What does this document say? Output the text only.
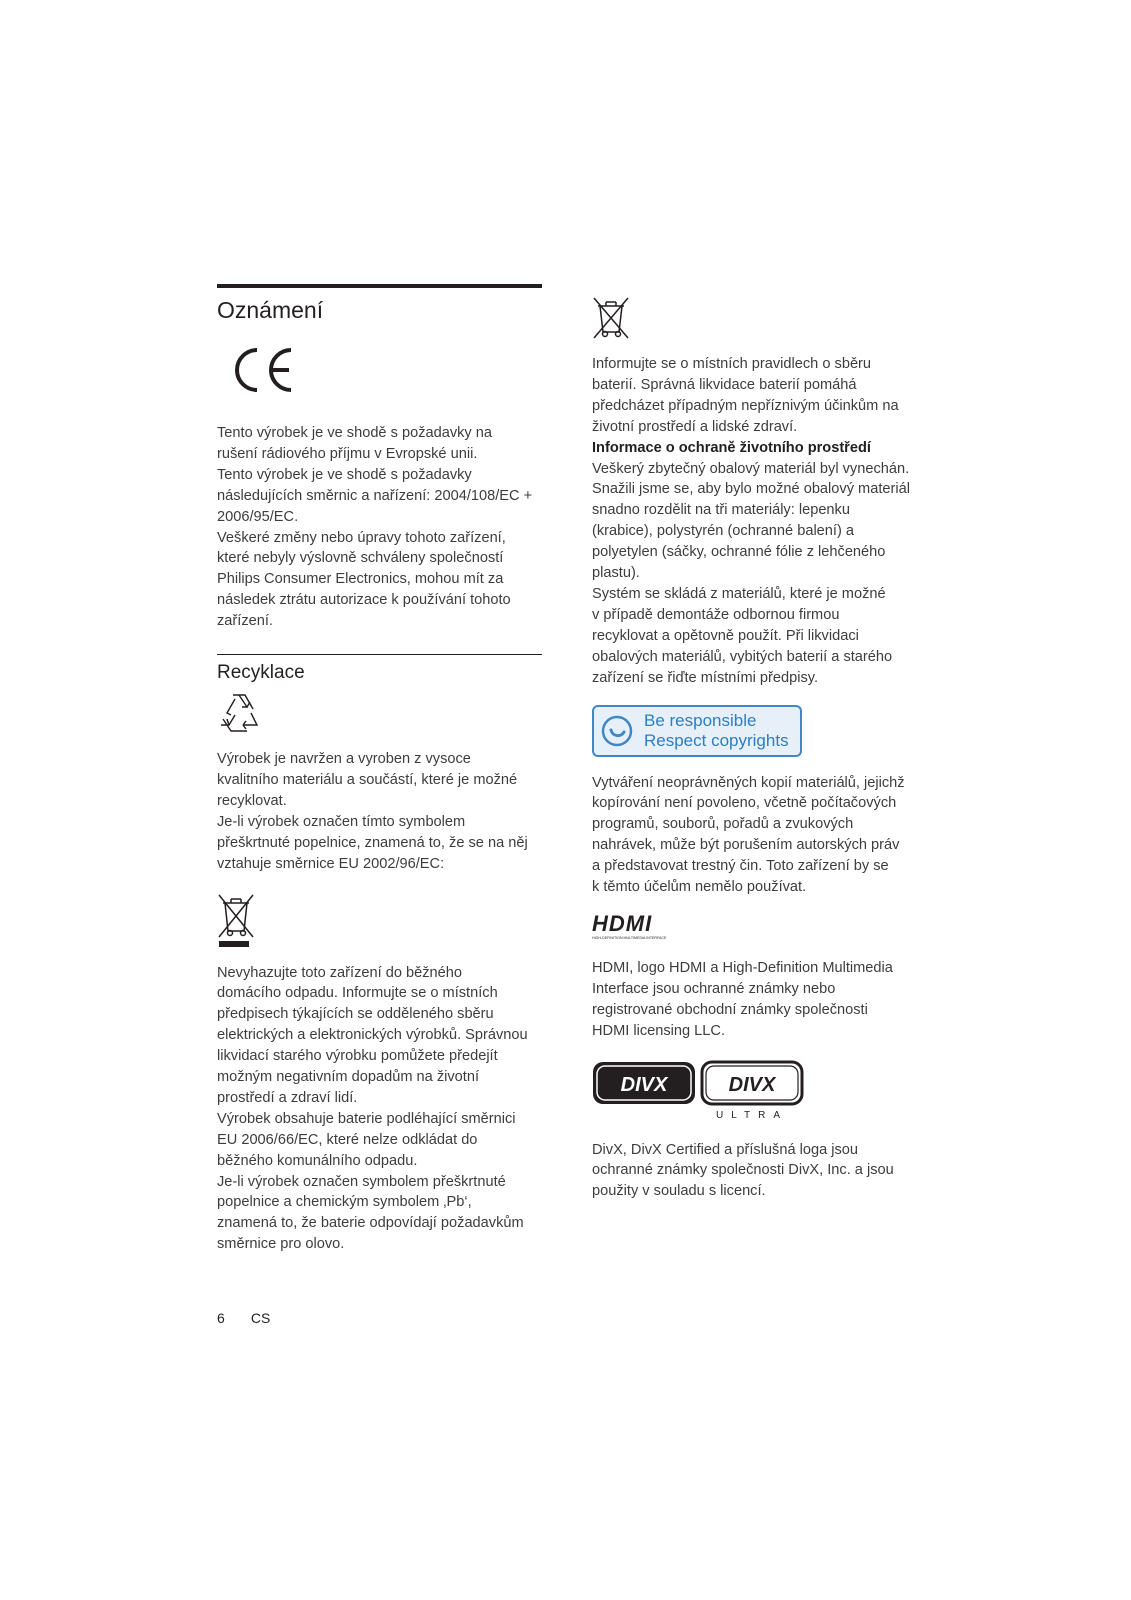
Oznámení

Tento výrobek je ve shodě s požadavky na
rušení rádiového příjmu v Evropské unii.
Tento výrobek je ve shodě s požadavky
následujících směrnic a nařízení: 2004/108/EC +
2006/95/EC.
Veškeré změny nebo úpravy tohoto zařízení,
které nebyly výslovně schváleny společností
Philips Consumer Electronics, mohou mít za
následek ztrátu autorizace k používání tohoto
zařízení.

Recyklace

Výrobek je navržen a vyroben z vysoce
kvalitního materiálu a součástí, které je možné
recyklovat.
Je-li výrobek označen tímto symbolem
přeškrtnuté popelnice, znamená to, že se na něj
vztahuje směrnice EU 2002/96/EC:

Nevyhazujte toto zařízení do běžného
domácího odpadu. Informujte se o místních
předpisech týkajících se odděleného sběru
elektrických a elektronických výrobků. Správnou
likvidací starého výrobku pomůžete předejít
možným negativním dopadům na životní
prostředí a zdraví lidí.
Výrobek obsahuje baterie podléhající směrnici
EU 2006/66/EC, které nelze odkládat do
běžného komunálního odpadu.
Je-li výrobek označen symbolem přeškrtnuté
popelnice a chemickým symbolem ‚Pb‘,
znamená to, že baterie odpovídají požadavkům
směrnice pro olovo.

Informujte se o místních pravidlech o sběru
baterií. Správná likvidace baterií pomáhá
předcházet případným nepříznivým účinkům na
životní prostředí a lidské zdraví.

Informace o ochraně životního prostředí

Veškerý zbytečný obalový materiál byl vynechán.
Snažili jsme se, aby bylo možné obalový materiál
snadno rozdělit na tři materiály: lepenku
(krabice), polystyrén (ochranné balení) a
polyetylen (sáčky, ochranné fólie z lehčeného
plastu).
Systém se skládá z materiálů, které je možné
v případě demontáže odbornou firmou
recyklovat a opětovně použít. Při likvidaci
obalových materiálů, vybitých baterií a starého
zařízení se řiďte místními předpisy.

Be responsible
Respect copyrights

Vytváření neoprávněných kopií materiálů, jejichž
kopírování není povoleno, včetně počítačových
programů, souborů, pořadů a zvukových
nahrávek, může být porušením autorských práv
a představovat trestný čin. Toto zařízení by se
k těmto účelům nemělo používat.

HDMI
HIGH-DEFINITION MULTIMEDIA INTERFACE

HDMI, logo HDMI a High-Definition Multimedia
Interface jsou ochranné známky nebo
registrované obchodní známky společnosti
HDMI licensing LLC.

DIVX	DIVX
ULTRA

DivX, DivX Certified a příslušná loga jsou
ochranné známky společnosti DivX, Inc. a jsou
použity v souladu s licencí.

6 CS
